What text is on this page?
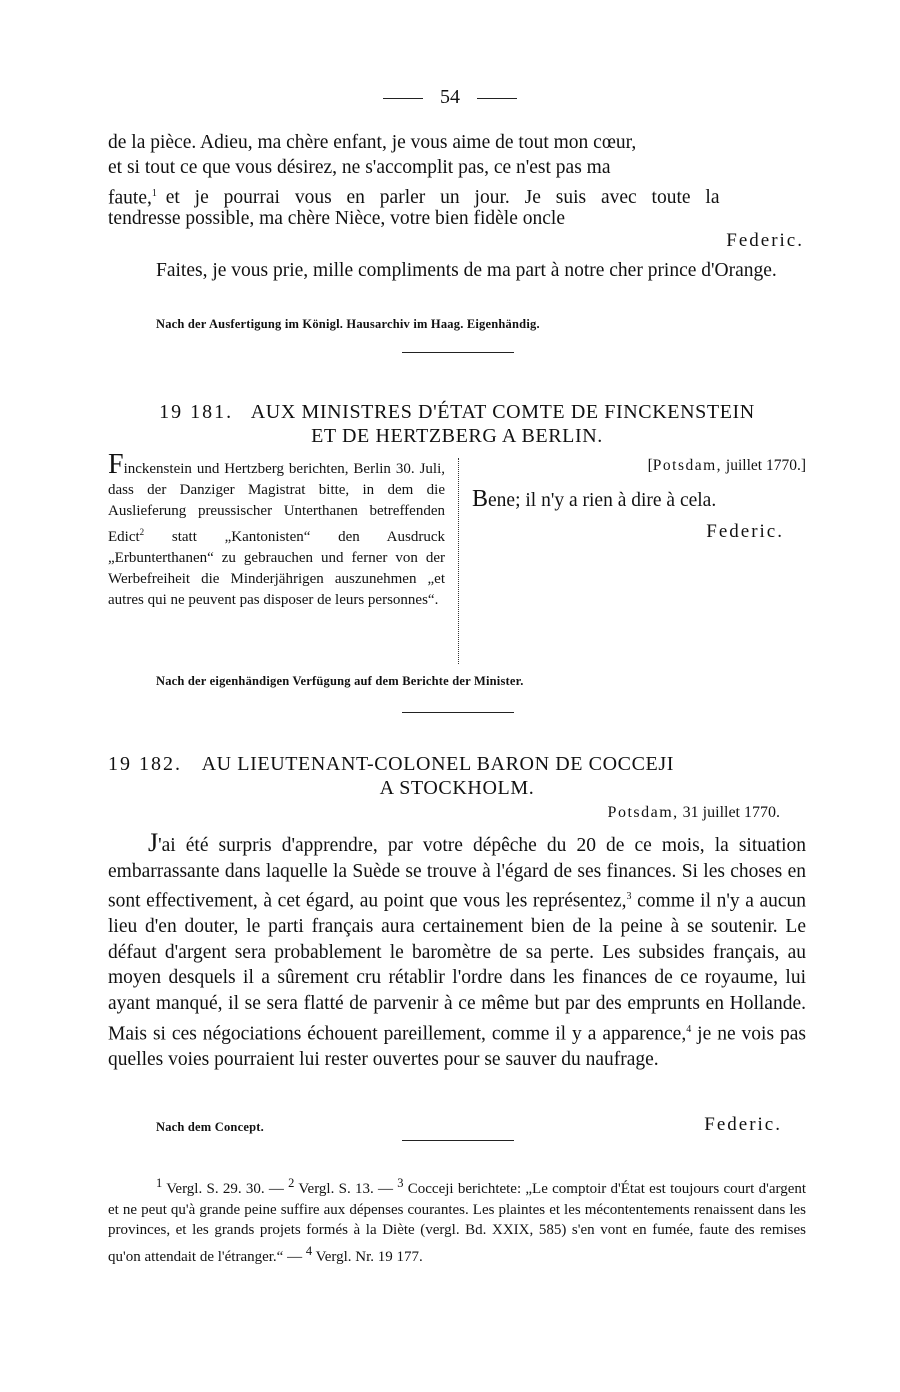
54
de la pièce. Adieu, ma chère enfant, je vous aime de tout mon cœur,
et si tout ce que vous désirez, ne s'accomplit pas, ce n'est pas ma
faute,$^1$ et je pourrai vous en parler un jour. Je suis avec toute la
tendresse possible, ma chère Nièce, votre bien fidèle oncle
Federic.
Faites, je vous prie, mille compliments de ma part à notre cher prince d'Orange.
Nach der Ausfertigung im Königl. Hausarchiv im Haag. Eigenhändig.
19 181. AUX MINISTRES D'ÉTAT COMTE DE FINCKENSTEIN
ET DE HERTZBERG A BERLIN.
Finckenstein und Hertzberg berichten, Berlin 30. Juli, dass der Danziger Magistrat bitte, in dem die Auslieferung preussischer Unterthanen betreffenden Edict$^2$ statt „Kantonisten“ den Ausdruck „Erbunterthanen“ zu gebrauchen und ferner von der Werbefreiheit die Minderjährigen auszunehmen „et autres qui ne peuvent pas disposer de leurs personnes“.
[Potsdam, juillet 1770.]
Bene; il n'y a rien à dire à cela.
Federic.
Nach der eigenhändigen Verfügung auf dem Berichte der Minister.
19 182. AU LIEUTENANT-COLONEL BARON DE COCCEJI
A STOCKHOLM.
Potsdam, 31 juillet 1770.

J'ai été surpris d'apprendre, par votre dépêche du 20 de ce mois, la situation embarrassante dans laquelle la Suède se trouve à l'égard de ses finances. Si les choses en sont effectivement, à cet égard, au point que vous les représentez,$^3$ comme il n'y a aucun lieu d'en douter, le parti français aura certainement bien de la peine à se soutenir. Le défaut d'argent sera probablement le baromètre de sa perte. Les subsides français, au moyen desquels il a sûrement cru rétablir l'ordre dans les finances de ce royaume, lui ayant manqué, il se sera flatté de parvenir à ce même but par des emprunts en Hollande. Mais si ces négociations échouent pareillement, comme il y a apparence,$^4$ je ne vois pas quelles voies pourraient lui rester ouvertes pour se sauver du naufrage.

Nach dem Concept.	Federic.

$^1$ Vergl. S. 29. 30. — $^2$ Vergl. S. 13. — $^3$ Cocceji berichtete: „Le comptoir d'État est toujours court d'argent et ne peut qu'à grande peine suffire aux dépenses courantes. Les plaintes et les mécontentements renaissent dans les provinces, et les grands projets formés à la Diète (vergl. Bd. XXIX, 585) s'en vont en fumée, faute des remises qu'on attendait de l'étranger.“ — $^4$ Vergl. Nr. 19 177.
